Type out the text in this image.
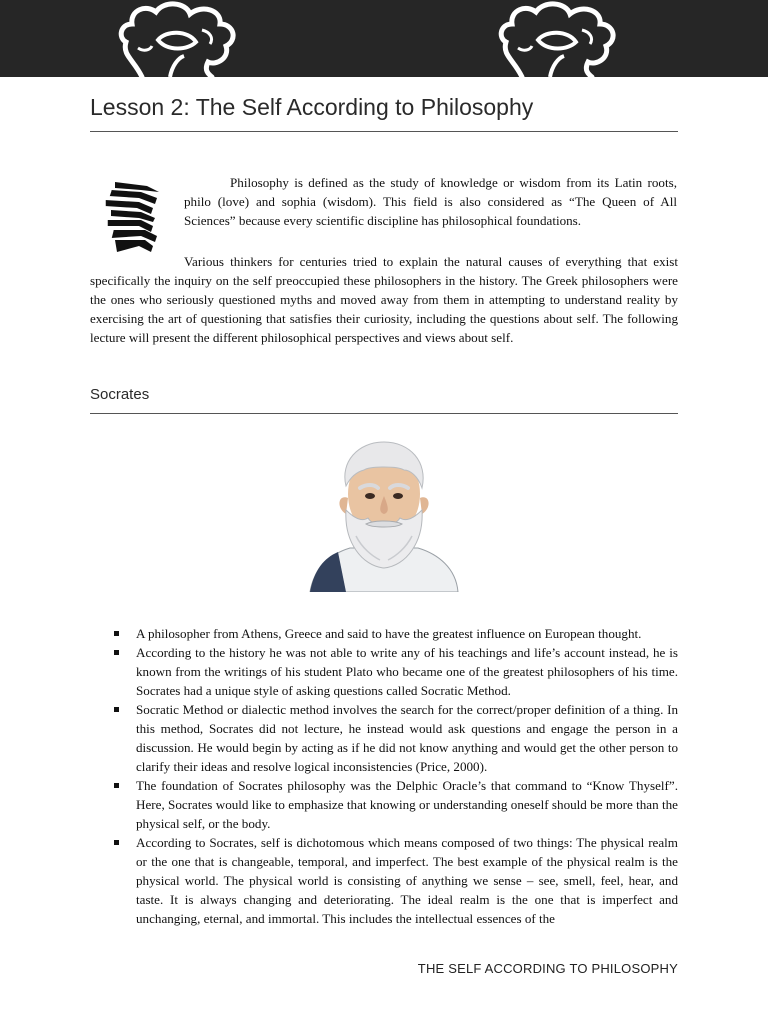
Lesson 2: The Self According to Philosophy

Philosophy is defined as the study of knowledge or wisdom from its Latin roots, philo (love) and sophia (wisdom). This field is also considered as “The Queen of All Sciences” because every scientific discipline has philosophical foundations.

Various thinkers for centuries tried to explain the natural causes of everything that exist specifically the inquiry on the self preoccupied these philosophers in the history. The Greek philosophers were the ones who seriously questioned myths and moved away from them in attempting to understand reality by exercising the art of questioning that satisfies their curiosity, including the questions about self. The following lecture will present the different philosophical perspectives and views about self.

Socrates
A philosopher from Athens, Greece and said to have the greatest influence on European thought.
According to the history he was not able to write any of his teachings and life’s account instead, he is known from the writings of his student Plato who became one of the greatest philosophers of his time. Socrates had a unique style of asking questions called Socratic Method.
Socratic Method or dialectic method involves the search for the correct/proper definition of a thing. In this method, Socrates did not lecture, he instead would ask questions and engage the person in a discussion. He would begin by acting as if he did not know anything and would get the other person to clarify their ideas and resolve logical inconsistencies (Price, 2000).
The foundation of Socrates philosophy was the Delphic Oracle’s that command to “Know Thyself”. Here, Socrates would like to emphasize that knowing or understanding oneself should be more than the physical self, or the body.
According to Socrates, self is dichotomous which means composed of two things: The physical realm or the one that is changeable, temporal, and imperfect. The best example of the physical realm is the physical world. The physical world is consisting of anything we sense – see, smell, feel, hear, and taste. It is always changing and deteriorating. The ideal realm is the one that is imperfect and unchanging, eternal, and immortal. This includes the intellectual essences of the
THE SELF ACCORDING TO PHILOSOPHY
